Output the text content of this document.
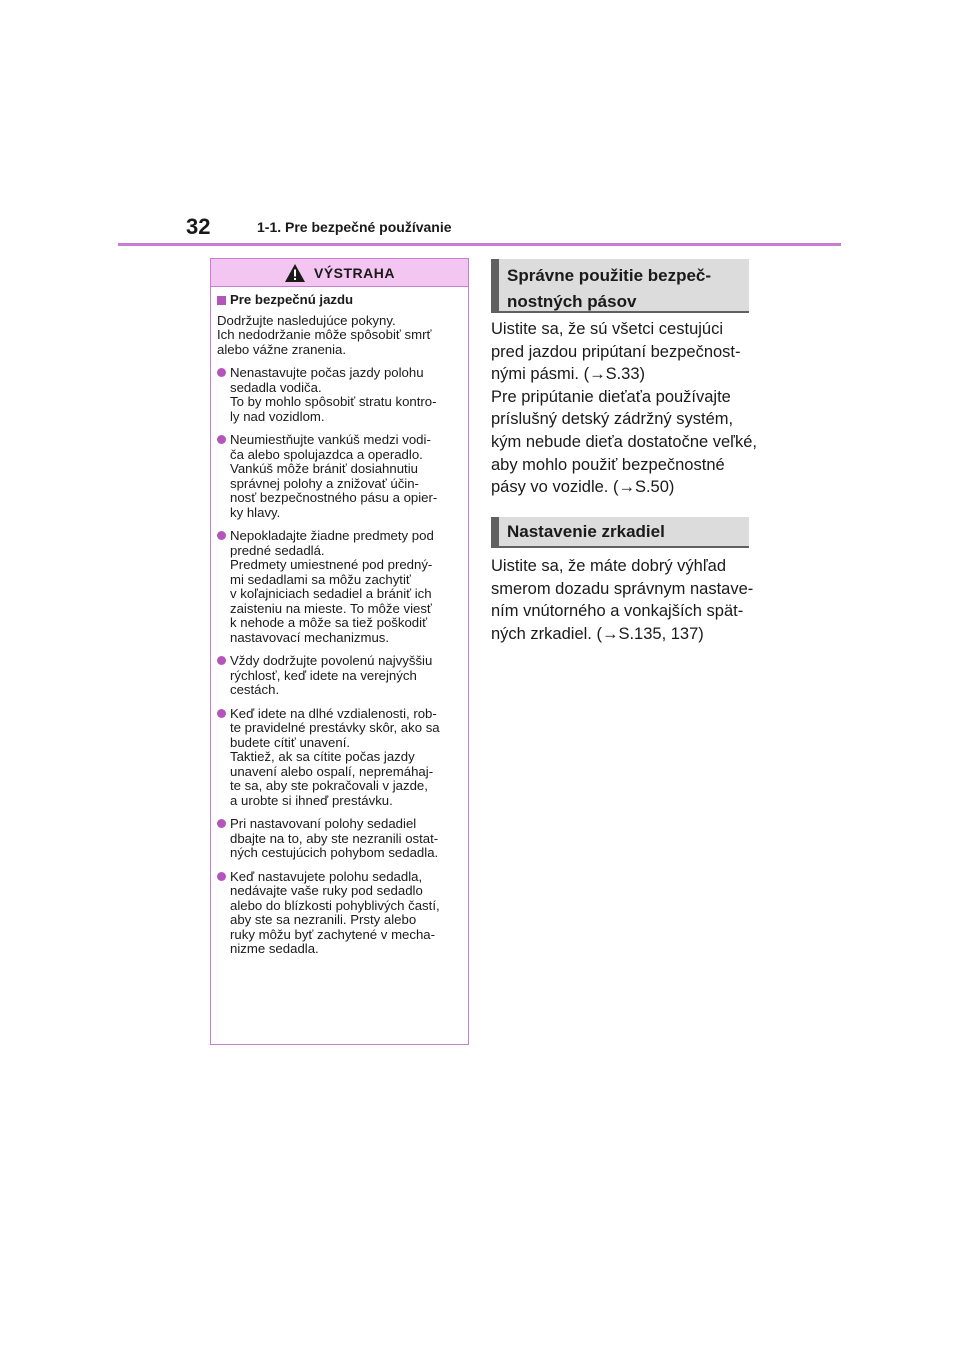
32	1-1. Pre bezpečné používanie
VÝSTRAHA
Pre bezpečnú jazdu
Dodržujte nasledujúce pokyny.
Ich nedodržanie môže spôsobiť smrť
alebo vážne zranenia.
Nenastavujte počas jazdy polohu
sedadla vodiča.
To by mohlo spôsobiť stratu kontro-
ly nad vozidlom.
Neumiestňujte vankúš medzi vodi-
ča alebo spolujazdca a operadlo.
Vankúš môže brániť dosiahnutiu
správnej polohy a znižovať účin-
nosť bezpečnostného pásu a opier-
ky hlavy.
Nepokladajte žiadne predmety pod
predné sedadlá.
Predmety umiestnené pod predný-
mi sedadlami sa môžu zachytiť
v koľajniciach sedadiel a brániť ich
zaisteniu na mieste. To môže viesť
k nehode a môže sa tiež poškodiť
nastavovací mechanizmus.
Vždy dodržujte povolenú najvyššiu
rýchlosť, keď idete na verejných
cestách.
Keď idete na dlhé vzdialenosti, rob-
te pravidelné prestávky skôr, ako sa
budete cítiť unavení.
Taktiež, ak sa cítite počas jazdy
unavení alebo ospalí, nepremáhaj-
te sa, aby ste pokračovali v jazde,
a urobte si ihneď prestávku.
Pri nastavovaní polohy sedadiel
dbajte na to, aby ste nezranili ostat-
ných cestujúcich pohybom sedadla.
Keď nastavujete polohu sedadla,
nedávajte vaše ruky pod sedadlo
alebo do blízkosti pohyblivých častí,
aby ste sa nezranili. Prsty alebo
ruky môžu byť zachytené v mecha-
nizme sedadla.
Správne použitie bezpeč-
nostných pásov
Uistite sa, že sú všetci cestujúci
pred jazdou pripútaní bezpečnost-
nými pásmi. (→S.33)
Pre pripútanie dieťaťa používajte
príslušný detský zádržný systém,
kým nebude dieťa dostatočne veľké,
aby mohlo použiť bezpečnostné
pásy vo vozidle. (→S.50)
Nastavenie zrkadiel
Uistite sa, že máte dobrý výhľad
smerom dozadu správnym nastave-
ním vnútorného a vonkajších spät-
ných zrkadiel. (→S.135, 137)
